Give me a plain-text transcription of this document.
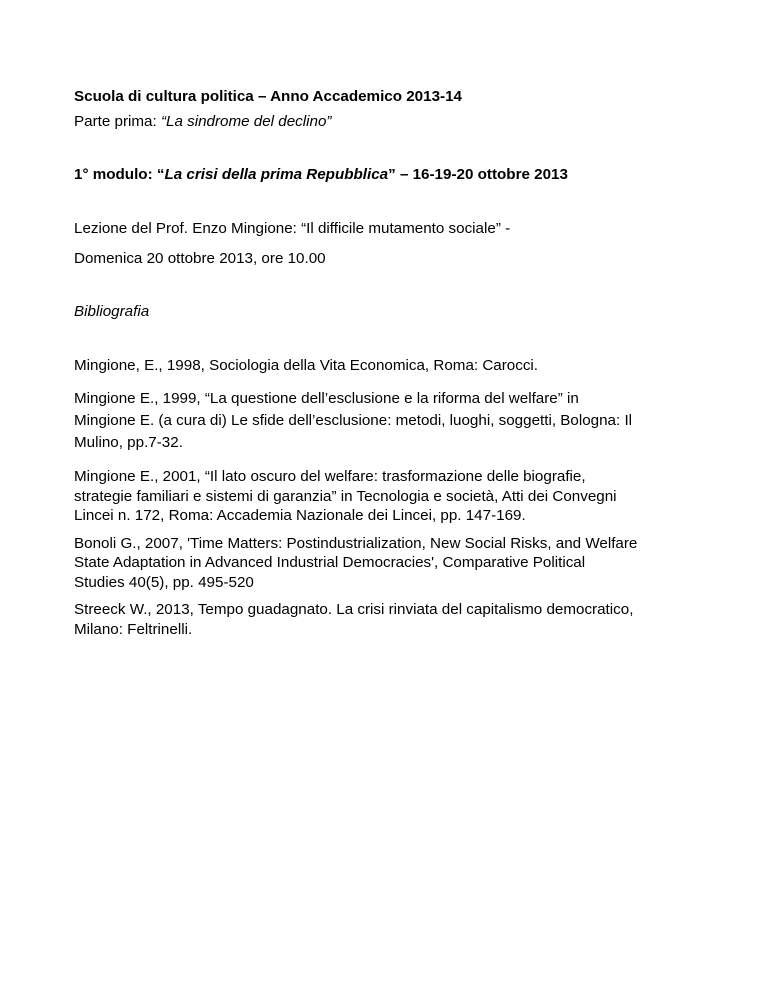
Scuola di cultura politica – Anno Accademico 2013-14

Parte prima: “La sindrome del declino”

1° modulo: “La crisi della prima Repubblica” – 16-19-20 ottobre 2013

Lezione del Prof. Enzo Mingione: “Il difficile mutamento sociale” -

Domenica 20 ottobre 2013, ore 10.00

Bibliografia

Mingione, E., 1998, Sociologia della Vita Economica, Roma: Carocci.

Mingione E., 1999, “La questione dell’esclusione e la riforma del welfare” in

Mingione E. (a cura di) Le sfide dell’esclusione: metodi, luoghi, soggetti, Bologna: Il

Mulino, pp.7-32.

Mingione E., 2001, “Il lato oscuro del welfare: trasformazione delle biografie,

strategie familiari e sistemi di garanzia” in Tecnologia e società, Atti dei Convegni

Lincei n. 172, Roma: Accademia Nazionale dei Lincei, pp. 147-169.

Bonoli G., 2007, 'Time Matters: Postindustrialization, New Social Risks, and Welfare

State Adaptation in Advanced Industrial Democracies', Comparative Political

Studies 40(5), pp. 495-520

Streeck W., 2013, Tempo guadagnato. La crisi rinviata del capitalismo democratico,

Milano: Feltrinelli.
